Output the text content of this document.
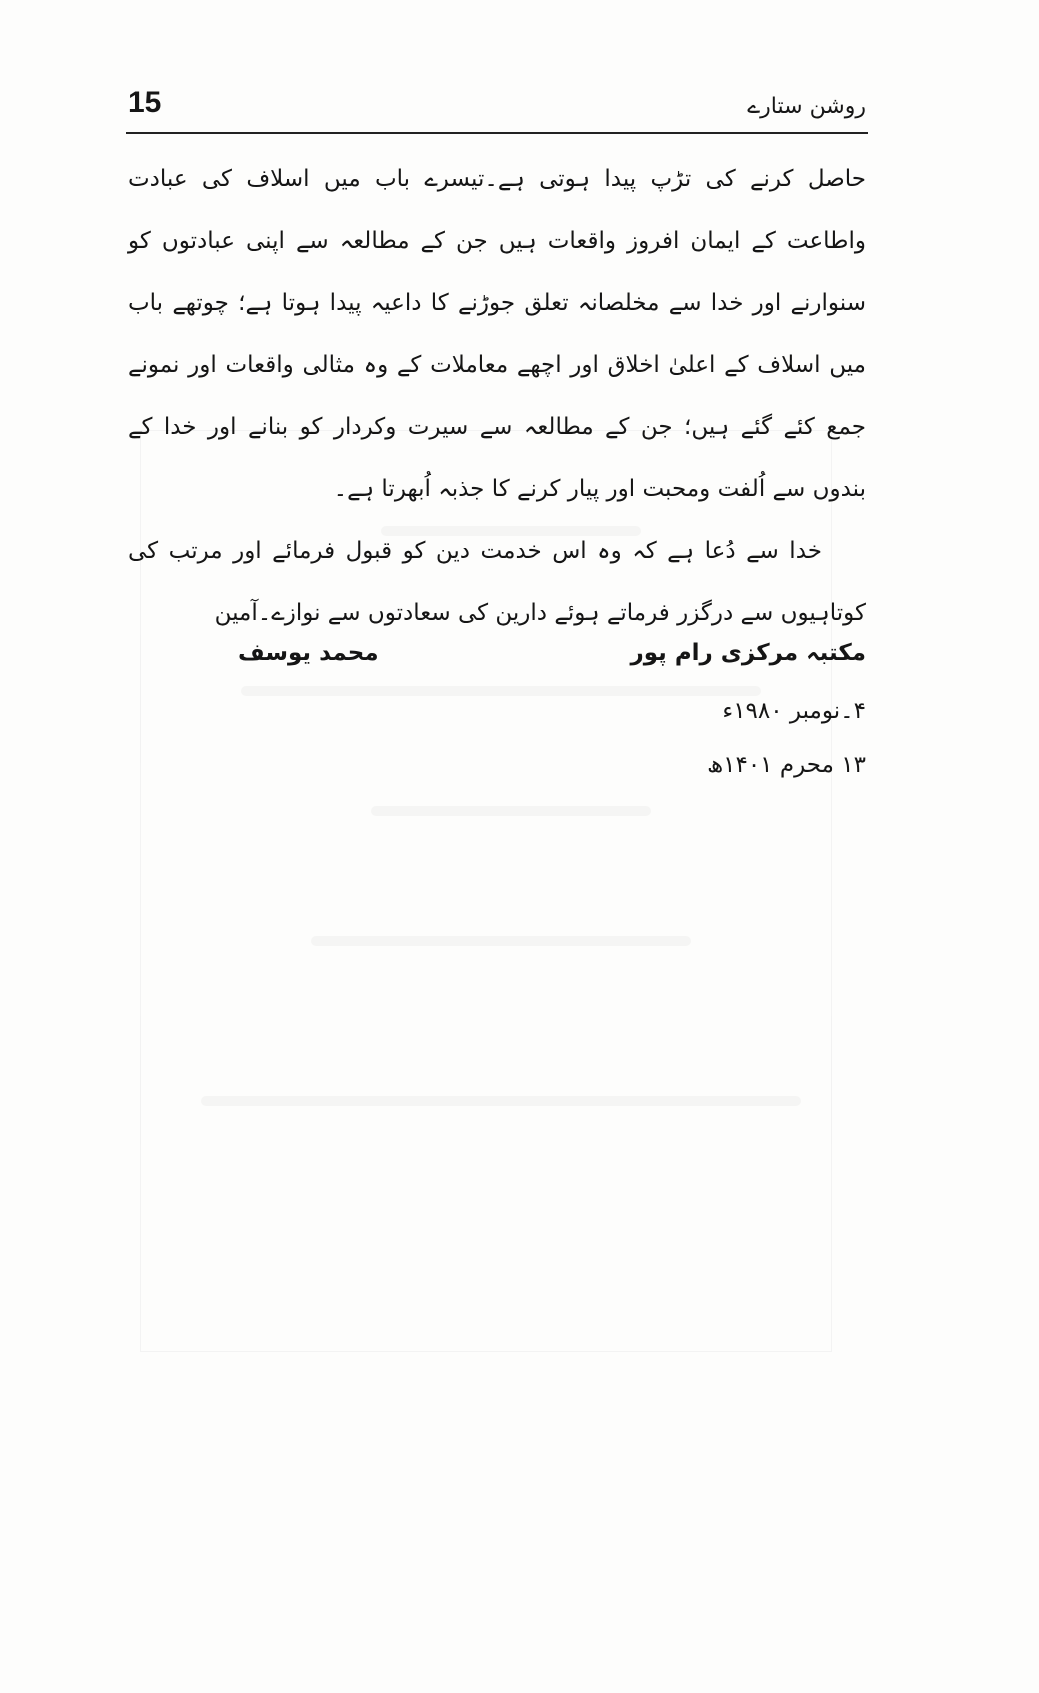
15	روشن ستارے

حاصل کرنے کی تڑپ پیدا ہوتی ہے۔تیسرے باب میں اسلاف کی عبادت واطاعت کے ایمان افروز واقعات ہیں جن کے مطالعہ سے اپنی عبادتوں کو سنوارنے اور خدا سے مخلصانہ تعلق جوڑنے کا داعیہ پیدا ہوتا ہے؛ چوتھے باب میں اسلاف کے اعلیٰ اخلاق اور اچھے معاملات کے وہ مثالی واقعات اور نمونے جمع کئے گئے ہیں؛ جن کے مطالعہ سے سیرت وکردار کو بنانے اور خدا کے بندوں سے اُلفت ومحبت اور پیار کرنے کا جذبہ اُبھرتا ہے۔

خدا سے دُعا ہے کہ وہ اس خدمت دین کو قبول فرمائے اور مرتب کی کوتاہیوں سے درگزر فرماتے ہوئے دارین کی سعادتوں سے نوازے۔آمین

مکتبہ مرکزی رام پور
۴۔نومبر ۱۹۸۰ء
۱۳ محرم ۱۴۰۱ھ
محمد یوسف
